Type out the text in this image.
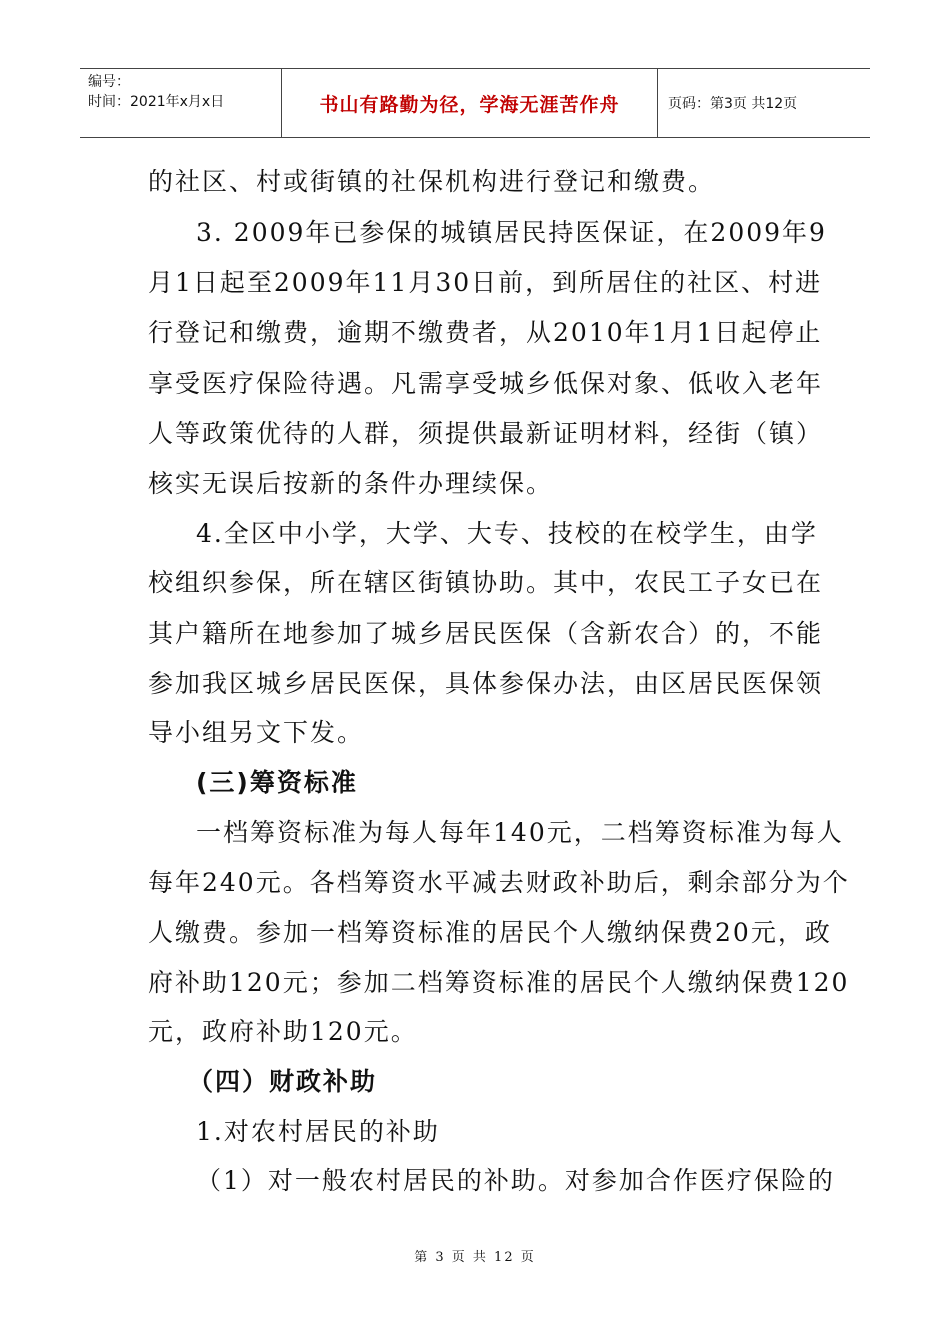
编号：
时间：2021年x月x日	书山有路勤为径，学海无涯苦作舟	页码：第3页 共12页
的社区、村或街镇的社保机构进行登记和缴费。
3. 2009年已参保的城镇居民持医保证，在2009年9
月1日起至2009年11月30日前，到所居住的社区、村进
行登记和缴费，逾期不缴费者，从2010年1月1日起停止
享受医疗保险待遇。凡需享受城乡低保对象、低收入老年
人等政策优待的人群，须提供最新证明材料，经街（镇）
核实无误后按新的条件办理续保。
4.全区中小学，大学、大专、技校的在校学生，由学
校组织参保，所在辖区街镇协助。其中，农民工子女已在
其户籍所在地参加了城乡居民医保（含新农合）的，不能
参加我区城乡居民医保，具体参保办法，由区居民医保领
导小组另文下发。
(三)筹资标准
一档筹资标准为每人每年140元，二档筹资标准为每人
每年240元。各档筹资水平减去财政补助后，剩余部分为个
人缴费。参加一档筹资标准的居民个人缴纳保费20元，政
府补助120元；参加二档筹资标准的居民个人缴纳保费120
元，政府补助120元。
（四）财政补助
1.对农村居民的补助
（1）对一般农村居民的补助。对参加合作医疗保险的
第 3 页 共 12 页
